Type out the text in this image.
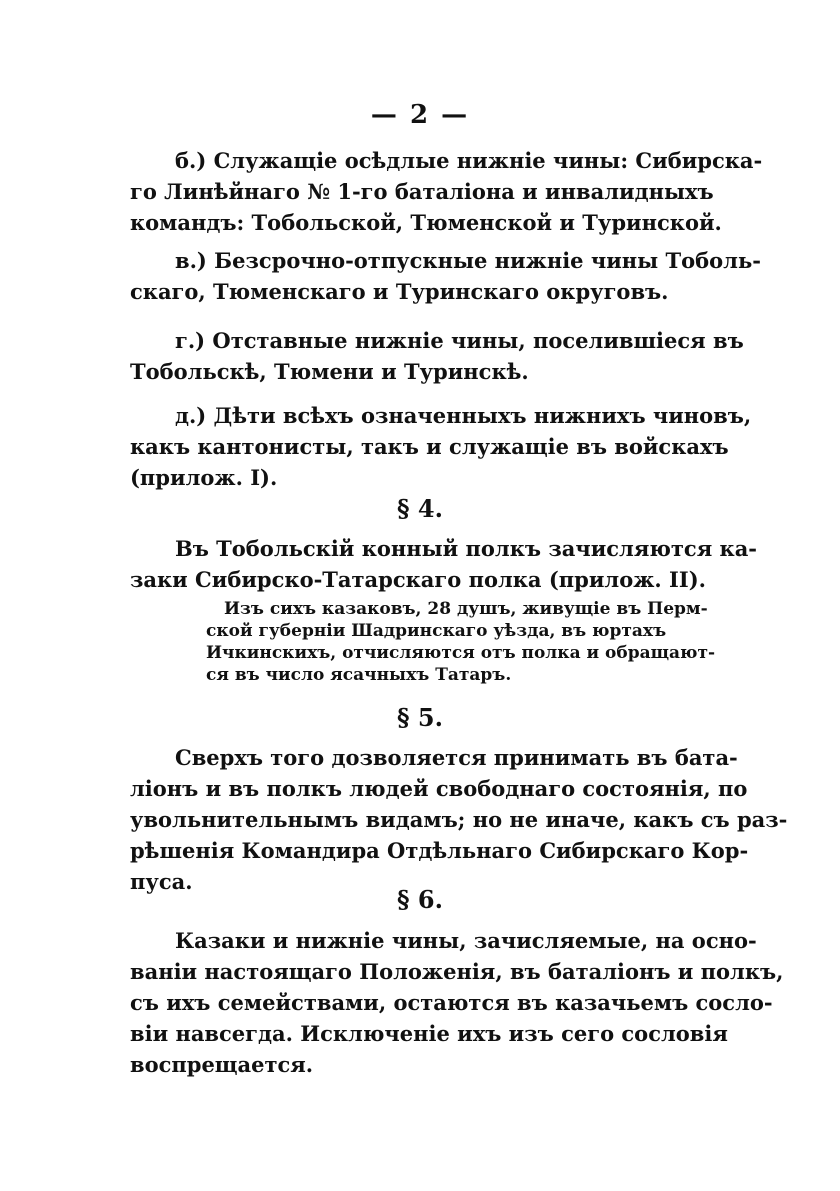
— 2 —
б.) Служащіе осѣдлые нижніе чины: Сибирска-
го Линѣйнаго № 1-го баталіона и инвалидныхъ
командъ: Тобольской, Тюменской и Туринской.
в.) Безсрочно-отпускные нижніе чины Тоболь-
скаго, Тюменскаго и Туринскаго округовъ.
г.) Отставные нижніе чины, поселившіеся въ
Тобольскѣ, Тюмени и Туринскѣ.
д.) Дѣти всѣхъ означенныхъ нижнихъ чиновъ,
какъ кантонисты, такъ и служащіе въ войскахъ
(прилож. I).
§ 4.
Въ Тобольскій конный полкъ зачисляются ка-
заки Сибирско-Татарскаго полка (прилож. II).
Изъ сихъ казаковъ, 28 душъ, живущіе въ Перм-
ской губерніи Шадринскаго уѣзда, въ юртахъ
Ичкинскихъ, отчисляются отъ полка и обращают-
ся въ число ясачныхъ Татаръ.
§ 5.
Сверхъ того дозволяется принимать въ бата-
ліонъ и въ полкъ людей свободнаго состоянія, по
увольнительнымъ видамъ; но не иначе, какъ съ раз-
рѣшенія Командира Отдѣльнаго Сибирскаго Кор-
пуса.
§ 6.
Казаки и нижніе чины, зачисляемые, на осно-
ваніи настоящаго Положенія, въ баталіонъ и полкъ,
съ ихъ семействами, остаются въ казачьемъ сосло-
віи навсегда. Исключеніе ихъ изъ сего сословія
воспрещается.
